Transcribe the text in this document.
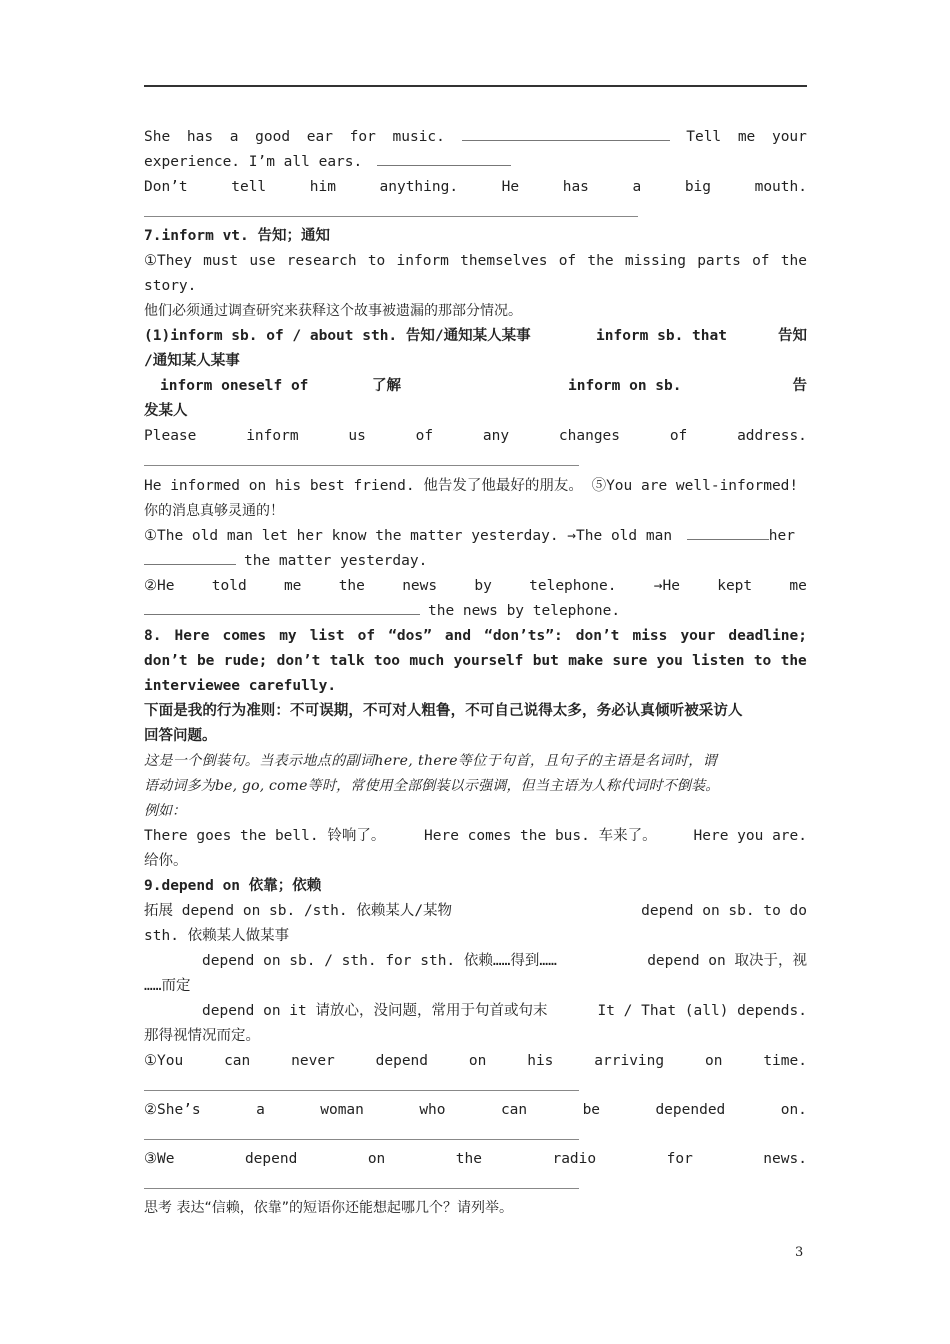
She has a good ear for music.	Tell me your
experience. I’m all ears.
Don’t	tell	him	anything.	He	has	a	big	mouth.
7.inform vt. 告知；通知
①They must use research to inform themselves of the missing parts of the
story.
他们必须通过调查研究来获释这个故事被遗漏的那部分情况。
(1)inform sb. of / about sth. 告知/通知某人某事	inform sb. that	告知
/通知某人某事
inform oneself of	了解	inform on sb.	告
发某人
Please	inform	us	of	any	changes	of	address.
He informed on his best friend. 他告发了他最好的朋友。 ⑤You are well-informed!
你的消息真够灵通的！
①The old man let her know the matter yesterday. →The old man	her
the matter yesterday.
②He	told	me	the	news	by	telephone.	→He	kept	me
the news by telephone.
8. Here comes my list of “dos” and “don’ts”: don’t miss your deadline;
don’t be rude; don’t talk too much yourself but make sure you listen to the
interviewee carefully.
下面是我的行为准则：不可误期，不可对人粗鲁，不可自己说得太多，务必认真倾听被采访人
回答问题。
这是一个倒装句。当表示地点的副词here, there等位于句首，且句子的主语是名词时，谓
语动词多为be, go, come等时，常使用全部倒装以示强调，但当主语为人称代词时不倒装。
例如：
There goes the bell. 铃响了。	Here comes the bus. 车来了。	Here you are.
给你。
9.depend on 依靠；依赖
拓展 depend on sb. /sth. 依赖某人/某物	depend on sb. to do
sth. 依赖某人做某事
depend on sb. / sth. for sth. 依赖……得到……	depend on 取决于，视
……而定
depend on it 请放心，没问题，常用于句首或句末	It / That (all) depends.
那得视情况而定。
①You	can	never	depend	on	his	arriving	on	time.
②She’s	a	woman	who	can	be	depended	on.
③We	depend	on	the	radio	for	news.
思考 表达“信赖，依靠”的短语你还能想起哪几个？请列举。
3
